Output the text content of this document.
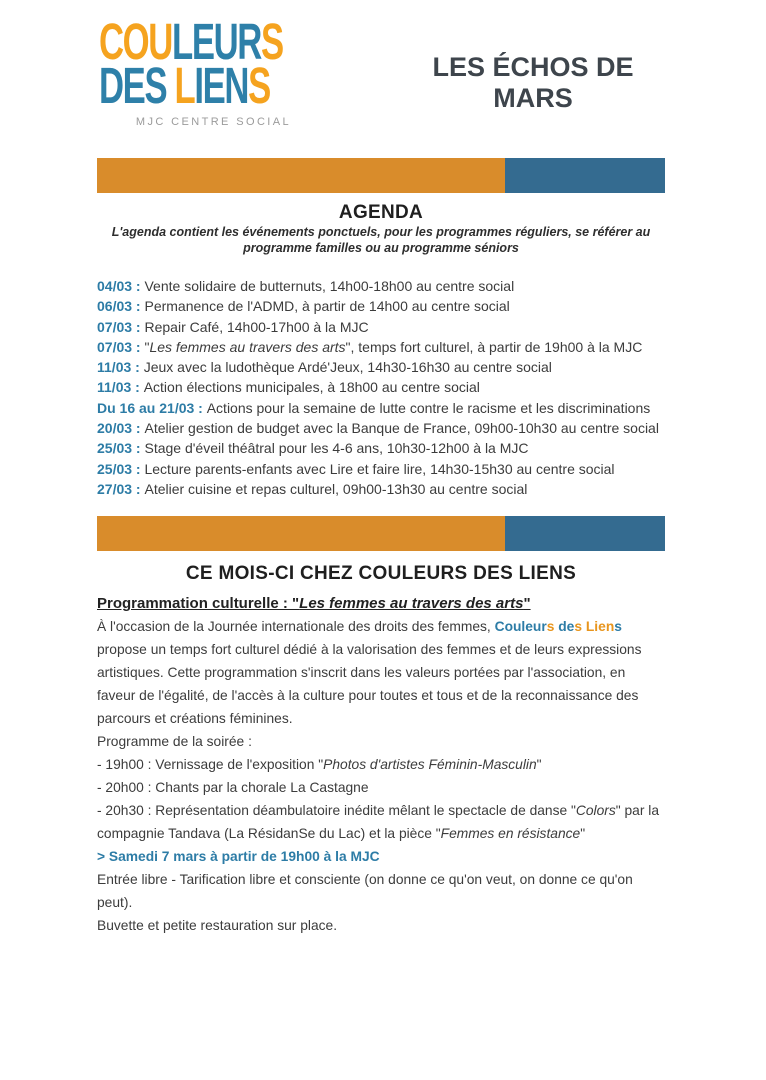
COULEURS
DES LIENS
MJC CENTRE SOCIAL
LES ÉCHOS DE MARS
AGENDA

L'agenda contient les événements ponctuels, pour les programmes réguliers, se référer au programme familles ou au programme séniors

04/03 : Vente solidaire de butternuts, 14h00-18h00 au centre social
06/03 : Permanence de l'ADMD, à partir de 14h00 au centre social
07/03 : Repair Café, 14h00-17h00 à la MJC
07/03 : "Les femmes au travers des arts", temps fort culturel, à partir de 19h00 à la MJC
11/03 : Jeux avec la ludothèque Ardé'Jeux, 14h30-16h30 au centre social
11/03 : Action élections municipales, à 18h00 au centre social
Du 16 au 21/03 : Actions pour la semaine de lutte contre le racisme et les discriminations
20/03 : Atelier gestion de budget avec la Banque de France, 09h00-10h30 au centre social
25/03 : Stage d'éveil théâtral pour les 4-6 ans, 10h30-12h00 à la MJC
25/03 : Lecture parents-enfants avec Lire et faire lire, 14h30-15h30 au centre social
27/03 : Atelier cuisine et repas culturel, 09h00-13h30 au centre social
CE MOIS-CI CHEZ COULEURS DES LIENS

Programmation culturelle : "Les femmes au travers des arts"

À l'occasion de la Journée internationale des droits des femmes, Couleurs des Liens propose un temps fort culturel dédié à la valorisation des femmes et de leurs expressions artistiques. Cette programmation s'inscrit dans les valeurs portées par l'association, en faveur de l'égalité, de l'accès à la culture pour toutes et tous et de la reconnaissance des parcours et créations féminines.

Programme de la soirée :

- 19h00 : Vernissage de l'exposition "Photos d'artistes Féminin-Masculin"
- 20h00 : Chants par la chorale La Castagne
- 20h30 : Représentation déambulatoire inédite mêlant le spectacle de danse "Colors" par la compagnie Tandava (La RésidanSe du Lac) et la pièce "Femmes en résistance"

> Samedi 7 mars à partir de 19h00 à la MJC

Entrée libre - Tarification libre et consciente (on donne ce qu'on veut, on donne ce qu'on peut).
Buvette et petite restauration sur place.
